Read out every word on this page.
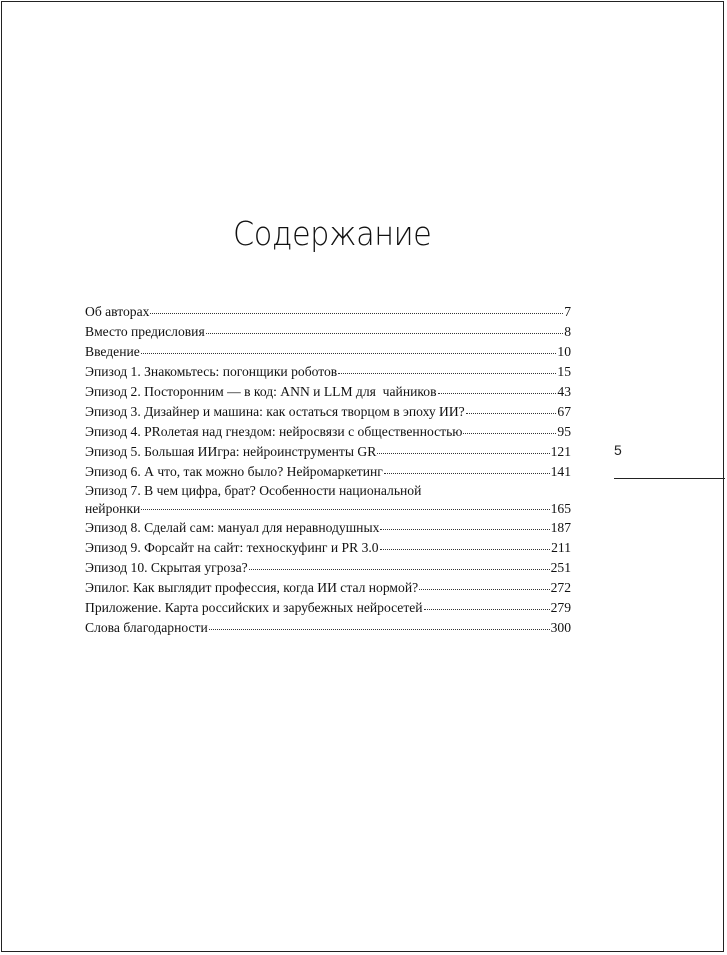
Содержание
Об авторах	7
Вместо предисловия	8
Введение	10
Эпизод 1. Знакомьтесь: погонщики роботов	15
Эпизод 2. Посторонним — в код: ANN и LLM для  чайников	43
Эпизод 3. Дизайнер и машина: как остаться творцом в эпоху ИИ?	67
Эпизод 4. PRолетая над гнездом: нейросвязи с общественностью	95
Эпизод 5. Большая ИИгра: нейроинструменты GR	121
Эпизод 6. А что, так можно было? Нейромаркетинг	141
Эпизод 7. В чем цифра, брат? Особенности национальной
нейронки	165
Эпизод 8. Сделай сам: мануал для неравнодушных	187
Эпизод 9. Форсайт на сайт: техноскуфинг и PR 3.0	211
Эпизод 10. Скрытая угроза?	251
Эпилог. Как выглядит профессия, когда ИИ стал нормой?	272
Приложение. Карта российских и зарубежных нейросетей	279
Слова благодарности	300
5
